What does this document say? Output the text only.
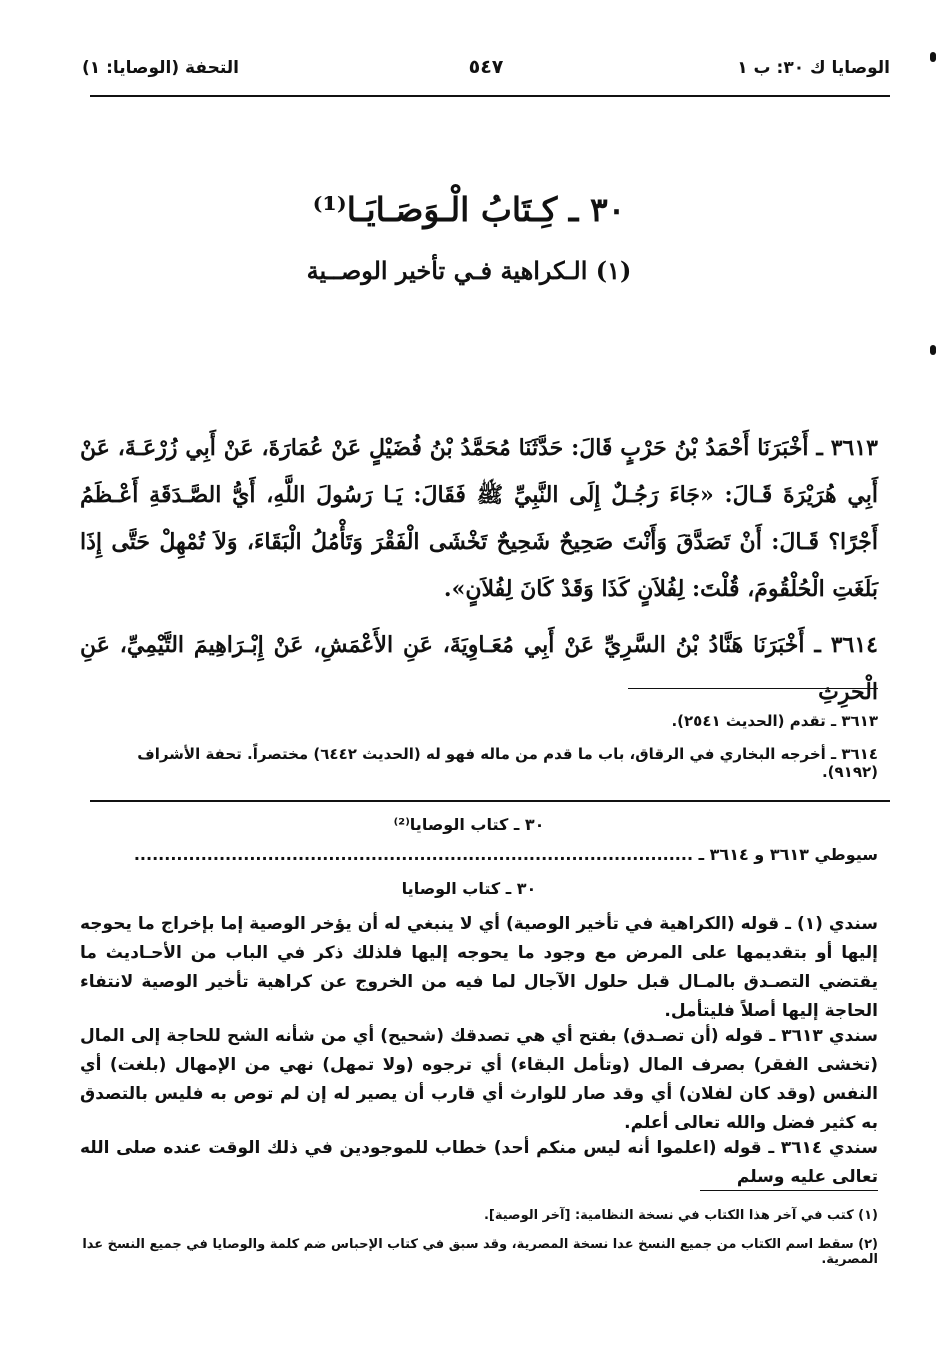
الوصايا ك ٣٠: ب ١
٥٤٧
التحفة (الوصايا: ١)
٣٠ ـ كِـتَابُ الْـوَصَـايَـا⁽¹⁾
(١) الـكراهية فـي تأخير الوصــية
٣٦١٣ ـ أَخْبَرَنَا أَحْمَدُ بْنُ حَرْبٍ قَالَ: حَدَّثَنَا مُحَمَّدُ بْنُ فُضَيْلٍ عَنْ عُمَارَةَ، عَنْ أَبِي زُرْعَـةَ، عَنْ أَبِي هُرَيْرَةَ قَـالَ: «جَاءَ رَجُـلٌ إِلَى النَّبِيِّ ﷺ فَقَالَ: يَـا رَسُولَ اللَّهِ، أَيُّ الصَّـدَقَةِ أَعْـظَمُ أَجْرًا؟ قَـالَ: أَنْ تَصَدَّقَ وَأَنْتَ صَحِيحٌ شَحِيحٌ تَخْشَى الْفَقْرَ وَتَأْمُلُ الْبَقَاءَ، وَلاَ تُمْهِلْ حَتَّى إِذَا بَلَغَتِ الْحُلْقُومَ، قُلْتَ: لِفُلاَنٍ كَذَا وَقَدْ كَانَ لِفُلاَنٍ».
٣٦١٤ ـ أَخْبَرَنَا هَنَّادُ بْنُ السَّرِيِّ عَنْ أَبِي مُعَـاوِيَةَ، عَنِ الأَعْمَشِ، عَنْ إِبْـرَاهِيمَ التَّيْمِيِّ، عَنِ الْحرِثِ
٣٦١٣ ـ تقدم (الحديث ٢٥٤١).
٣٦١٤ ـ أخرجه البخاري في الرقاق، باب ما قدم من ماله فهو له (الحديث ٦٤٤٢) مختصراً. تحفة الأشراف (٩١٩٢).
٣٠ ـ كتاب الوصايا⁽²⁾
سيوطي ٣٦١٣ و ٣٦١٤ ـ ............................................................................................
٣٠ ـ كتاب الوصايا
سندي (١) ـ قوله (الكراهية في تأخير الوصية) أي لا ينبغي له أن يؤخر الوصية إما بإخراج ما يحوجه إليها أو بتقديمها على المرض مع وجود ما يحوجه إليها فلذلك ذكر في الباب من الأحـاديث ما يقتضي التصـدق بالمـال قبل حلول الآجال لما فيه من الخروج عن كراهية تأخير الوصية لانتفاء الحاجة إليها أصلاً فليتأمل.
سندي ٣٦١٣ ـ قوله (أن تصـدق) بفتح أي هي تصدقك (شحيح) أي من شأنه الشح للحاجة إلى المال (تخشى الفقر) بصرف المال (وتأمل البقاء) أي ترجوه (ولا تمهل) نهي من الإمهال (بلغت) أي النفس (وقد كان لفلان) أي وقد صار للوارث أي قارب أن يصير له إن لم توص به فليس بالتصدق به كثير فضل والله تعالى أعلم.
سندي ٣٦١٤ ـ قوله (اعلموا أنه ليس منكم أحد) خطاب للموجودين في ذلك الوقت عنده صلى الله تعالى عليه وسلم
(١) كتب في آخر هذا الكتاب في نسخة النظامية: [آخر الوصية].
(٢) سقط اسم الكتاب من جميع النسخ عدا نسخة المصرية، وقد سبق في كتاب الإحباس ضم كلمة والوصايا في جميع النسخ عدا المصرية.
